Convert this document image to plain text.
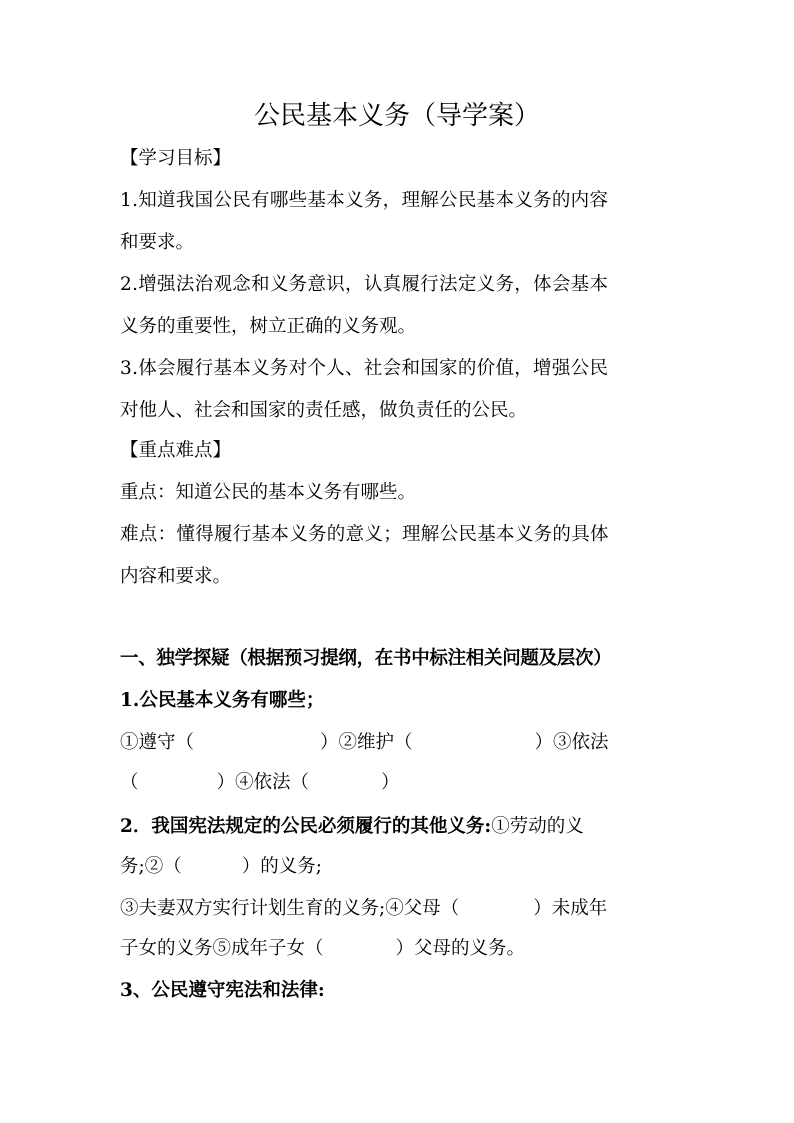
公民基本义务（导学案）
【学习目标】
1.知道我国公民有哪些基本义务，理解公民基本义务的内容
和要求。
2.增强法治观念和义务意识，认真履行法定义务，体会基本
义务的重要性，树立正确的义务观。
3.体会履行基本义务对个人、社会和国家的价值，增强公民
对他人、社会和国家的责任感，做负责任的公民。
【重点难点】
重点：知道公民的基本义务有哪些。
难点：懂得履行基本义务的意义；理解公民基本义务的具体
内容和要求。
一、独学探疑（根据预习提纲，在书中标注相关问题及层次）
1.公民基本义务有哪些；
①遵守（	）②维护（	）③依法
（	）④依法（	）
2．我国宪法规定的公民必须履行的其他义务:①劳动的义
务;②（	）的义务;
③夫妻双方实行计划生育的义务;④父母（	）未成年
子女的义务⑤成年子女（	）父母的义务。
3、公民遵守宪法和法律:
